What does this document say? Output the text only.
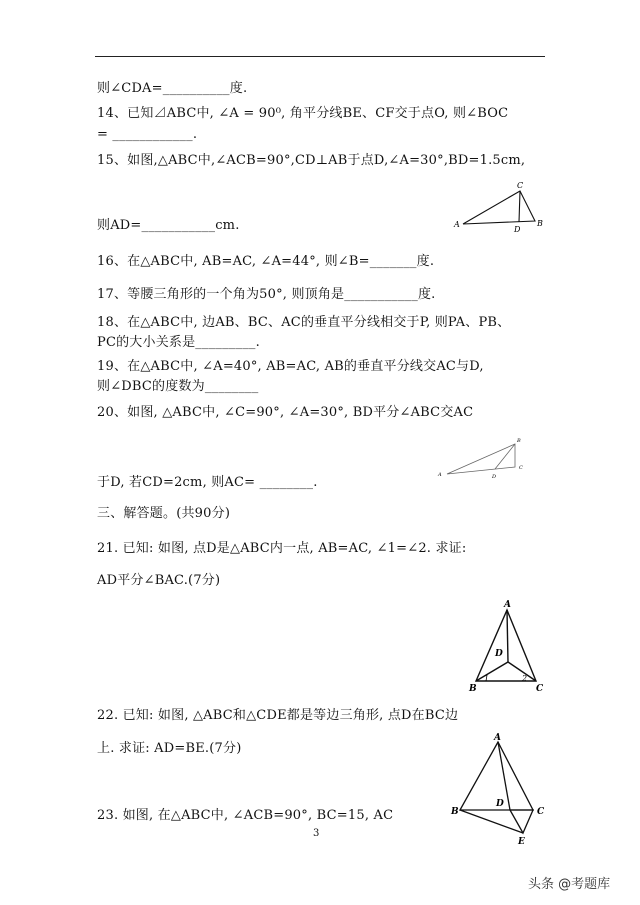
则∠CDA=__________度.
14、已知⊿ABC中, ∠A = 90⁰, 角平分线BE、CF交于点O, 则∠BOC
= ____________.
15、如图,△ABC中,∠ACB=90°,CD⊥AB于点D,∠A=30°,BD=1.5cm,
则AD=___________cm.
16、在△ABC中, AB=AC, ∠A=44°, 则∠B=_______度.
17、等腰三角形的一个角为50°, 则顶角是___________度.
18、在△ABC中, 边AB、BC、AC的垂直平分线相交于P, 则PA、PB、
PC的大小关系是_________.
19、在△ABC中, ∠A=40°, AB=AC, AB的垂直平分线交AC与D,
则∠DBC的度数为________
20、如图, △ABC中, ∠C=90°, ∠A=30°, BD平分∠ABC交AC
于D, 若CD=2cm, 则AC= ________.
三、解答题。(共90分)
21. 已知: 如图, 点D是△ABC内一点, AB=AC, ∠1=∠2. 求证:
AD平分∠BAC.(7分)
22. 已知: 如图, △ABC和△CDE都是等边三角形, 点D在BC边
上. 求证: AD=BE.(7分)
23. 如图, 在△ABC中, ∠ACB=90°, BC=15, AC
A
C
D
B
A
B
C
D
A
D
B	C
1	2
A
B
D
C
E
3
头条 @考题库
